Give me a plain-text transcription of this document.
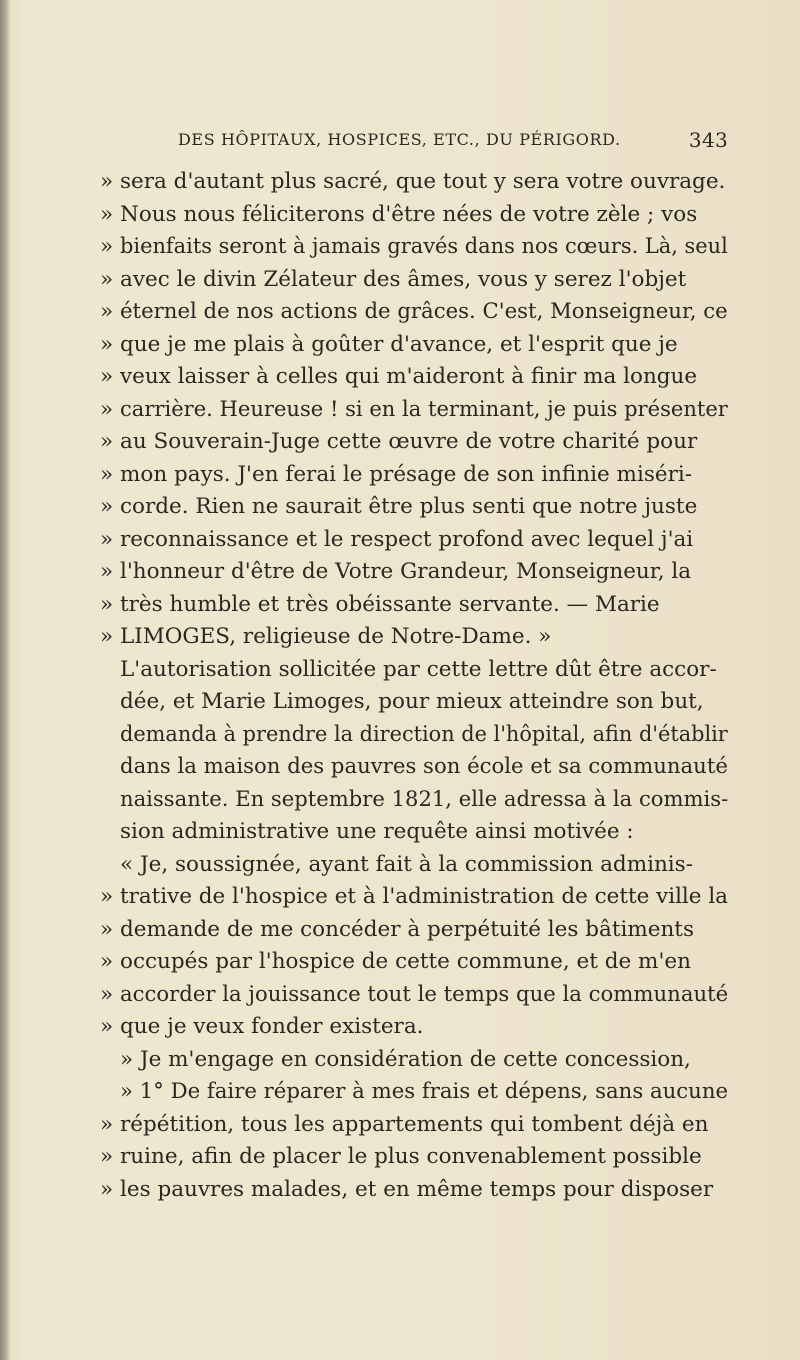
DES HÔPITAUX, HOSPICES, ETC., DU PÉRIGORD.	343
» sera d'autant plus sacré, que tout y sera votre ouvrage.
» Nous nous féliciterons d'être nées de votre zèle ; vos
» bienfaits seront à jamais gravés dans nos cœurs. Là, seul
» avec le divin Zélateur des âmes, vous y serez l'objet
» éternel de nos actions de grâces. C'est, Monseigneur, ce
» que je me plais à goûter d'avance, et l'esprit que je
» veux laisser à celles qui m'aideront à finir ma longue
» carrière. Heureuse ! si en la terminant, je puis présenter
» au Souverain-Juge cette œuvre de votre charité pour
» mon pays. J'en ferai le présage de son infinie miséri-
» corde. Rien ne saurait être plus senti que notre juste
» reconnaissance et le respect profond avec lequel j'ai
» l'honneur d'être de Votre Grandeur, Monseigneur, la
» très humble et très obéissante servante. — Marie
» LIMOGES, religieuse de Notre-Dame. »
L'autorisation sollicitée par cette lettre dût être accor-
dée, et Marie Limoges, pour mieux atteindre son but,
demanda à prendre la direction de l'hôpital, afin d'établir
dans la maison des pauvres son école et sa communauté
naissante. En septembre 1821, elle adressa à la commis-
sion administrative une requête ainsi motivée :
« Je, soussignée, ayant fait à la commission adminis-
» trative de l'hospice et à l'administration de cette ville la
» demande de me concéder à perpétuité les bâtiments
» occupés par l'hospice de cette commune, et de m'en
» accorder la jouissance tout le temps que la communauté
» que je veux fonder existera.
» Je m'engage en considération de cette concession,
» 1° De faire réparer à mes frais et dépens, sans aucune
» répétition, tous les appartements qui tombent déjà en
» ruine, afin de placer le plus convenablement possible
» les pauvres malades, et en même temps pour disposer
